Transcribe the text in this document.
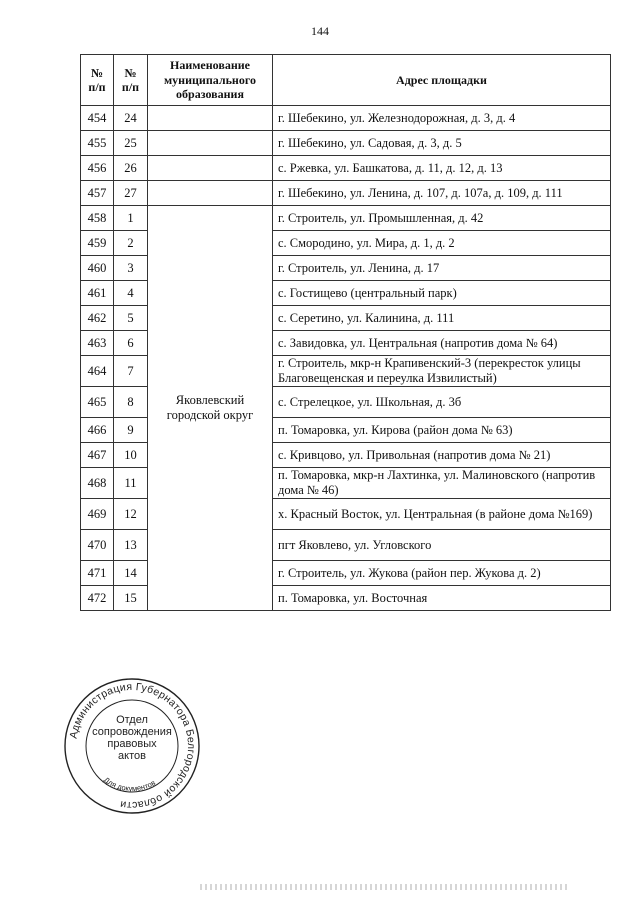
144
№ п/п	№ п/п	Наименование муниципального образования	Адрес площадки
454	24		г. Шебекино, ул. Железнодорожная, д. 3, д. 4
455	25		г. Шебекино, ул. Садовая, д. 3, д. 5
456	26		с. Ржевка, ул. Башкатова, д. 11, д. 12, д. 13
457	27		г. Шебекино, ул. Ленина, д. 107, д. 107а, д. 109, д. 111
458	1	Яковлевский городской округ	г. Строитель, ул. Промышленная, д. 42
459	2		с. Смородино, ул. Мира, д. 1, д. 2
460	3		г. Строитель, ул. Ленина, д. 17
461	4		с. Гостищево (центральный парк)
462	5		с. Серетино, ул. Калинина, д. 111
463	6		с. Завидовка, ул. Центральная (напротив дома № 64)
464	7		г. Строитель, мкр-н Крапивенский-3 (перекресток улицы Благовещенская и переулка Извилистый)
465	8		с. Стрелецкое, ул. Школьная, д. 3б
466	9		п. Томаровка, ул. Кирова (район дома № 63)
467	10		с. Кривцово, ул. Привольная (напротив дома № 21)
468	11		п. Томаровка, мкр-н Лахтинка, ул. Малиновского (напротив дома № 46)
469	12		х. Красный Восток, ул. Центральная (в районе дома №169)
470	13		пгт Яковлево, ул. Угловского
471	14		г. Строитель, ул. Жукова (район пер. Жукова д. 2)
472	15		п. Томаровка, ул. Восточная
Администрация Губернатора Белгородской области
Для документов
Отдел
сопровождения
правовых
актов
